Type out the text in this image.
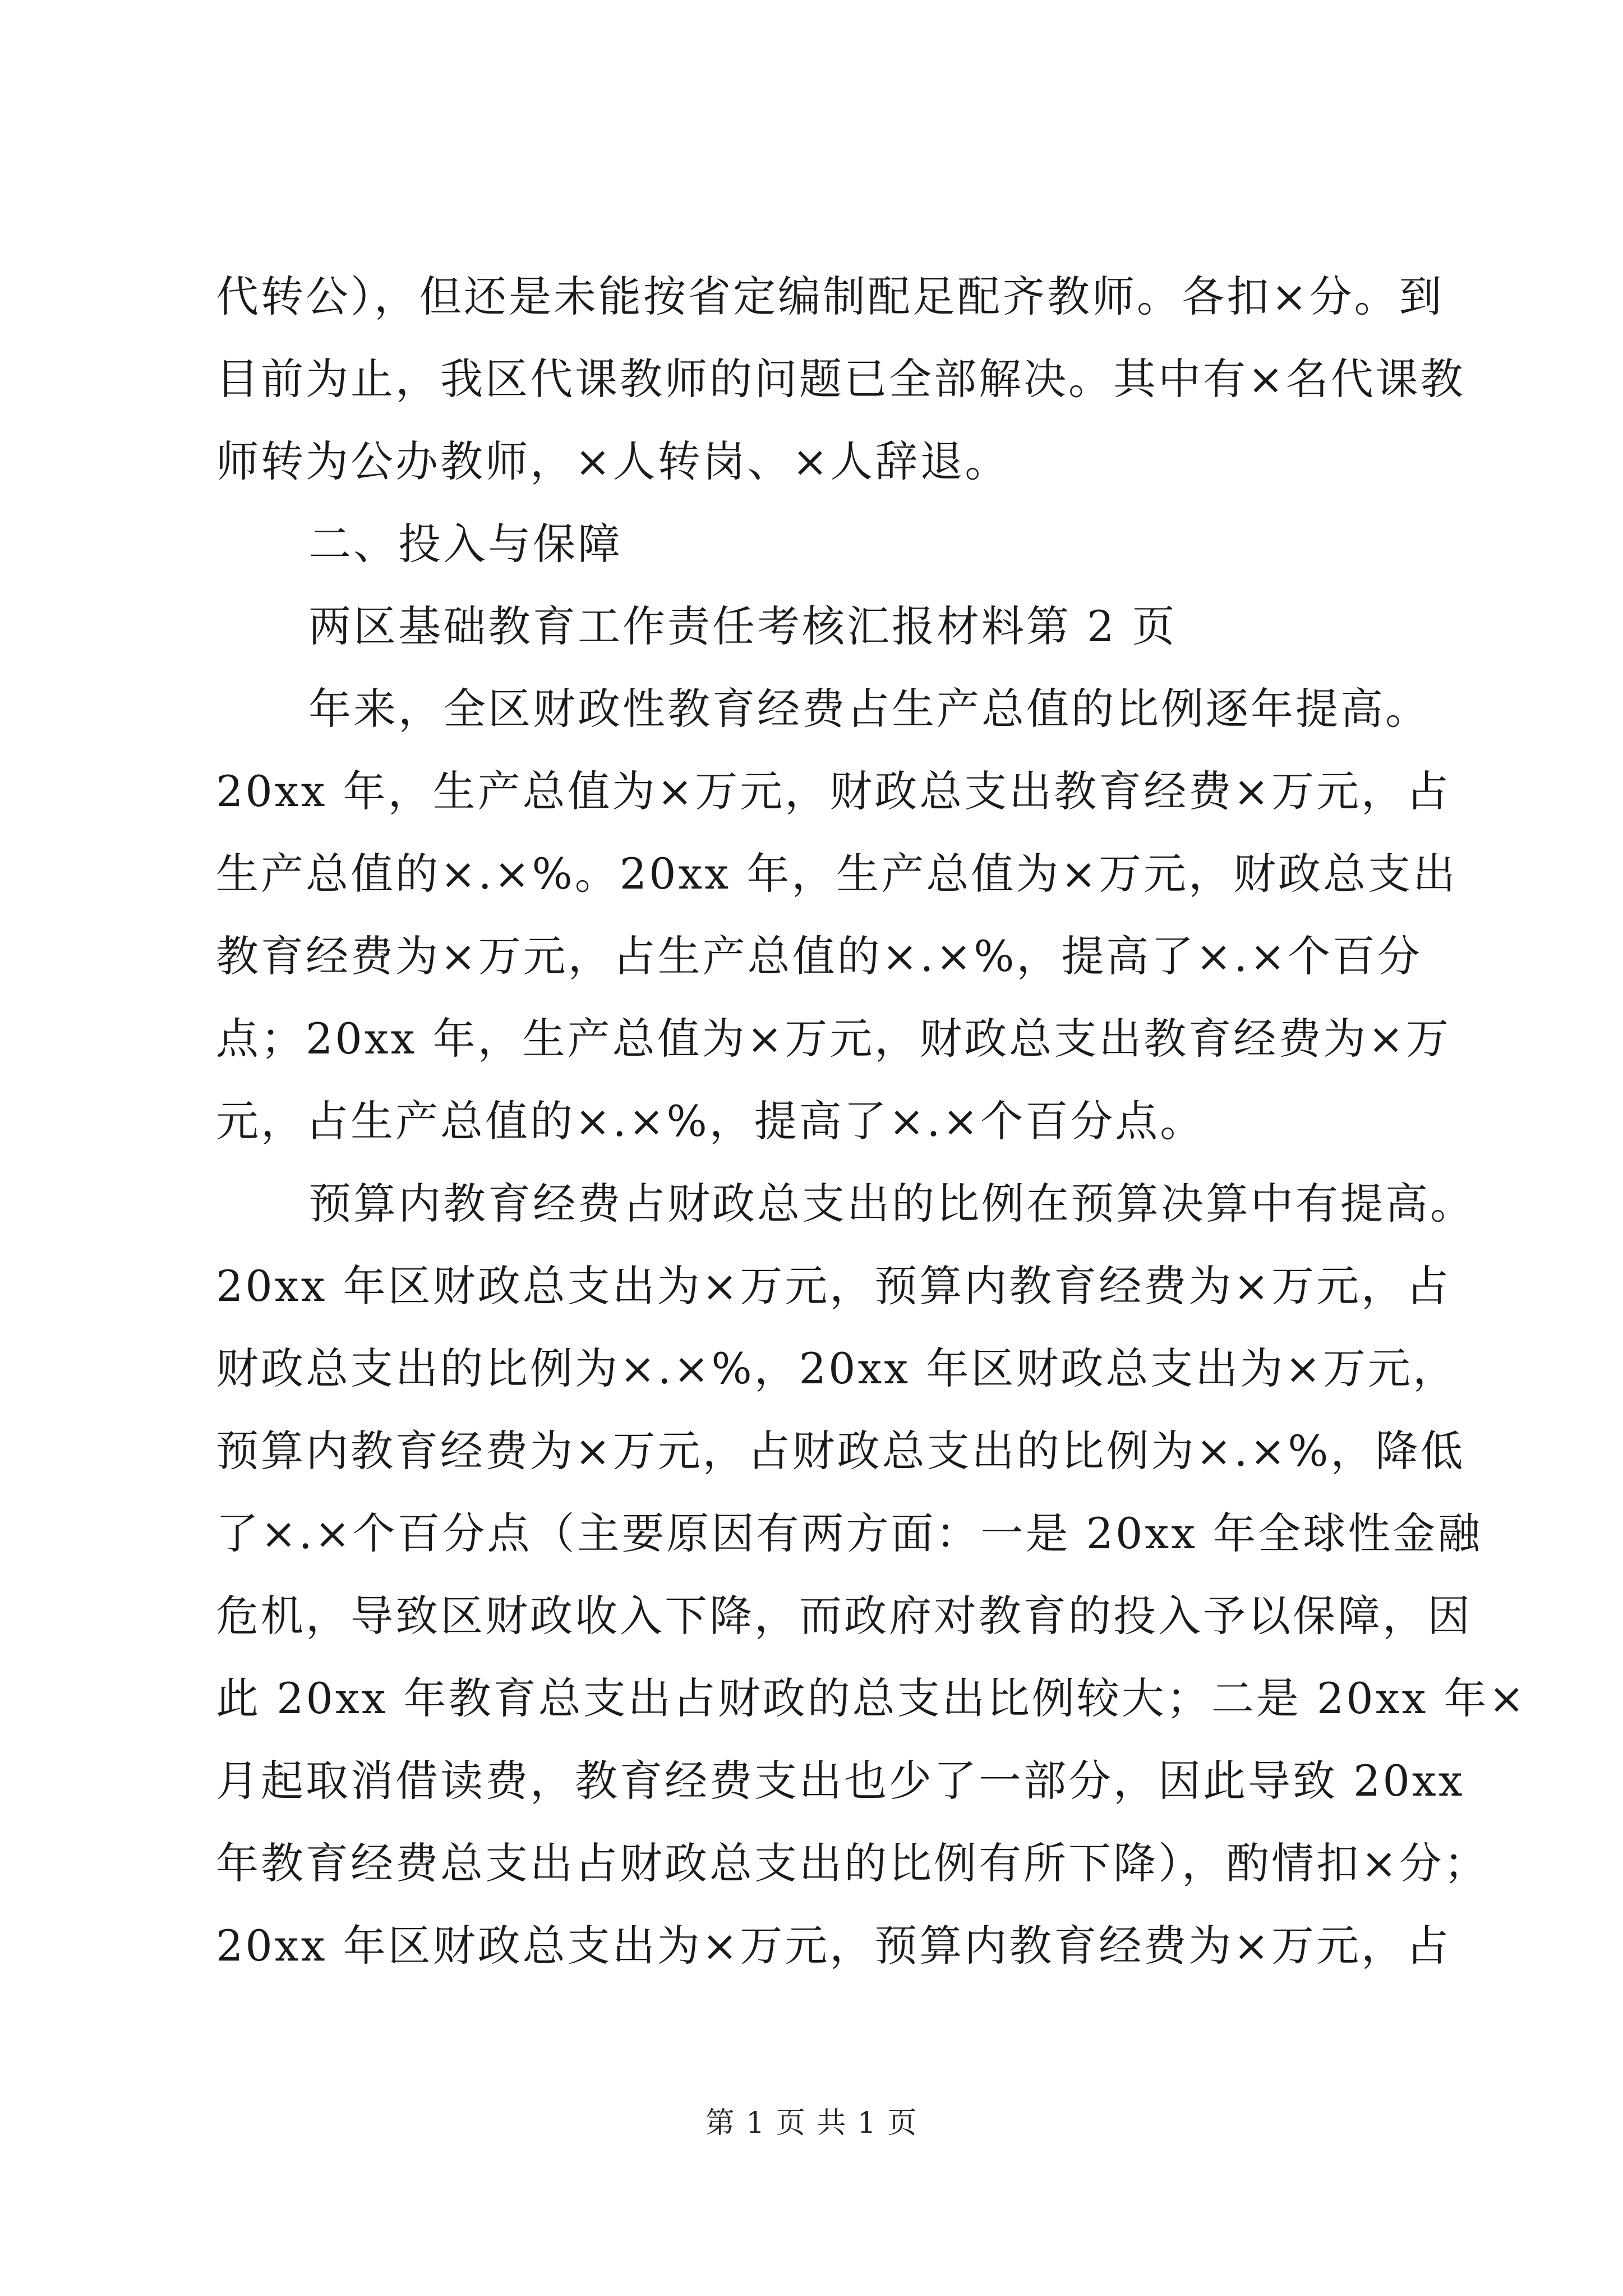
代转公），但还是未能按省定编制配足配齐教师。各扣×分。到
目前为止，我区代课教师的问题已全部解决。其中有×名代课教
师转为公办教师，×人转岗、×人辞退。
二、投入与保障
两区基础教育工作责任考核汇报材料第 2 页
年来，全区财政性教育经费占生产总值的比例逐年提高。
20xx 年，生产总值为×万元，财政总支出教育经费×万元，占
生产总值的×.×%。20xx 年，生产总值为×万元，财政总支出
教育经费为×万元，占生产总值的×.×%，提高了×.×个百分
点；20xx 年，生产总值为×万元，财政总支出教育经费为×万
元，占生产总值的×.×%，提高了×.×个百分点。
预算内教育经费占财政总支出的比例在预算决算中有提高。
20xx 年区财政总支出为×万元，预算内教育经费为×万元，占
财政总支出的比例为×.×%，20xx 年区财政总支出为×万元，
预算内教育经费为×万元，占财政总支出的比例为×.×%，降低
了×.×个百分点（主要原因有两方面：一是 20xx 年全球性金融
危机，导致区财政收入下降，而政府对教育的投入予以保障，因
此 20xx 年教育总支出占财政的总支出比例较大；二是 20xx 年×
月起取消借读费，教育经费支出也少了一部分，因此导致 20xx
年教育经费总支出占财政总支出的比例有所下降），酌情扣×分；
20xx 年区财政总支出为×万元，预算内教育经费为×万元，占
第 1 页 共 1 页
